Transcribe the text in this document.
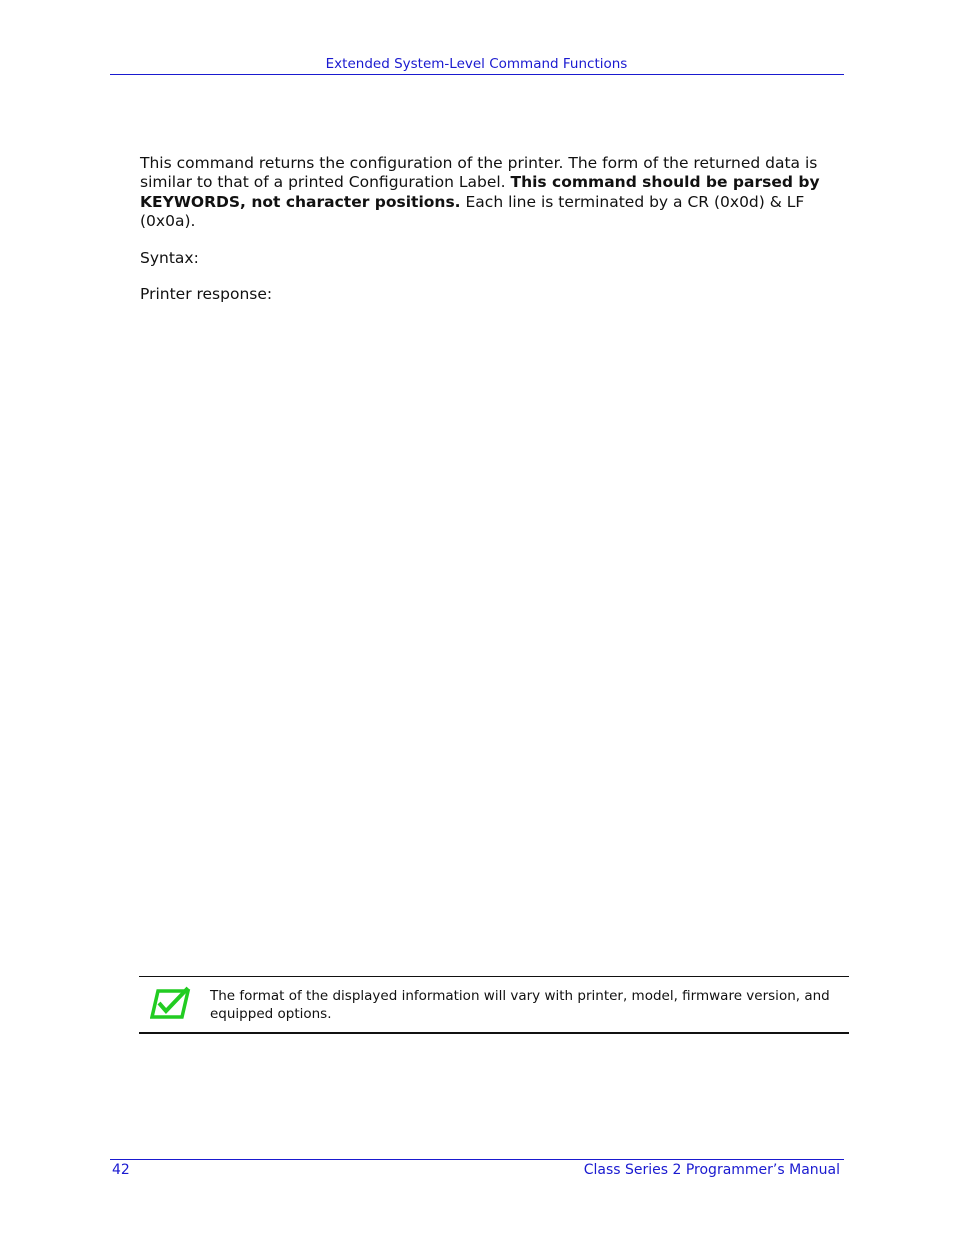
Extended System-Level Command Functions

This command returns the configuration of the printer. The form of the returned data is similar to that of a printed Configuration Label. This command should be parsed by KEYWORDS, not character positions. Each line is terminated by a CR (0x0d) & LF (0x0a).

Syntax:

Printer response:

The format of the displayed information will vary with printer, model, firmware version, and equipped options.

42	Class Series 2 Programmer’s Manual
